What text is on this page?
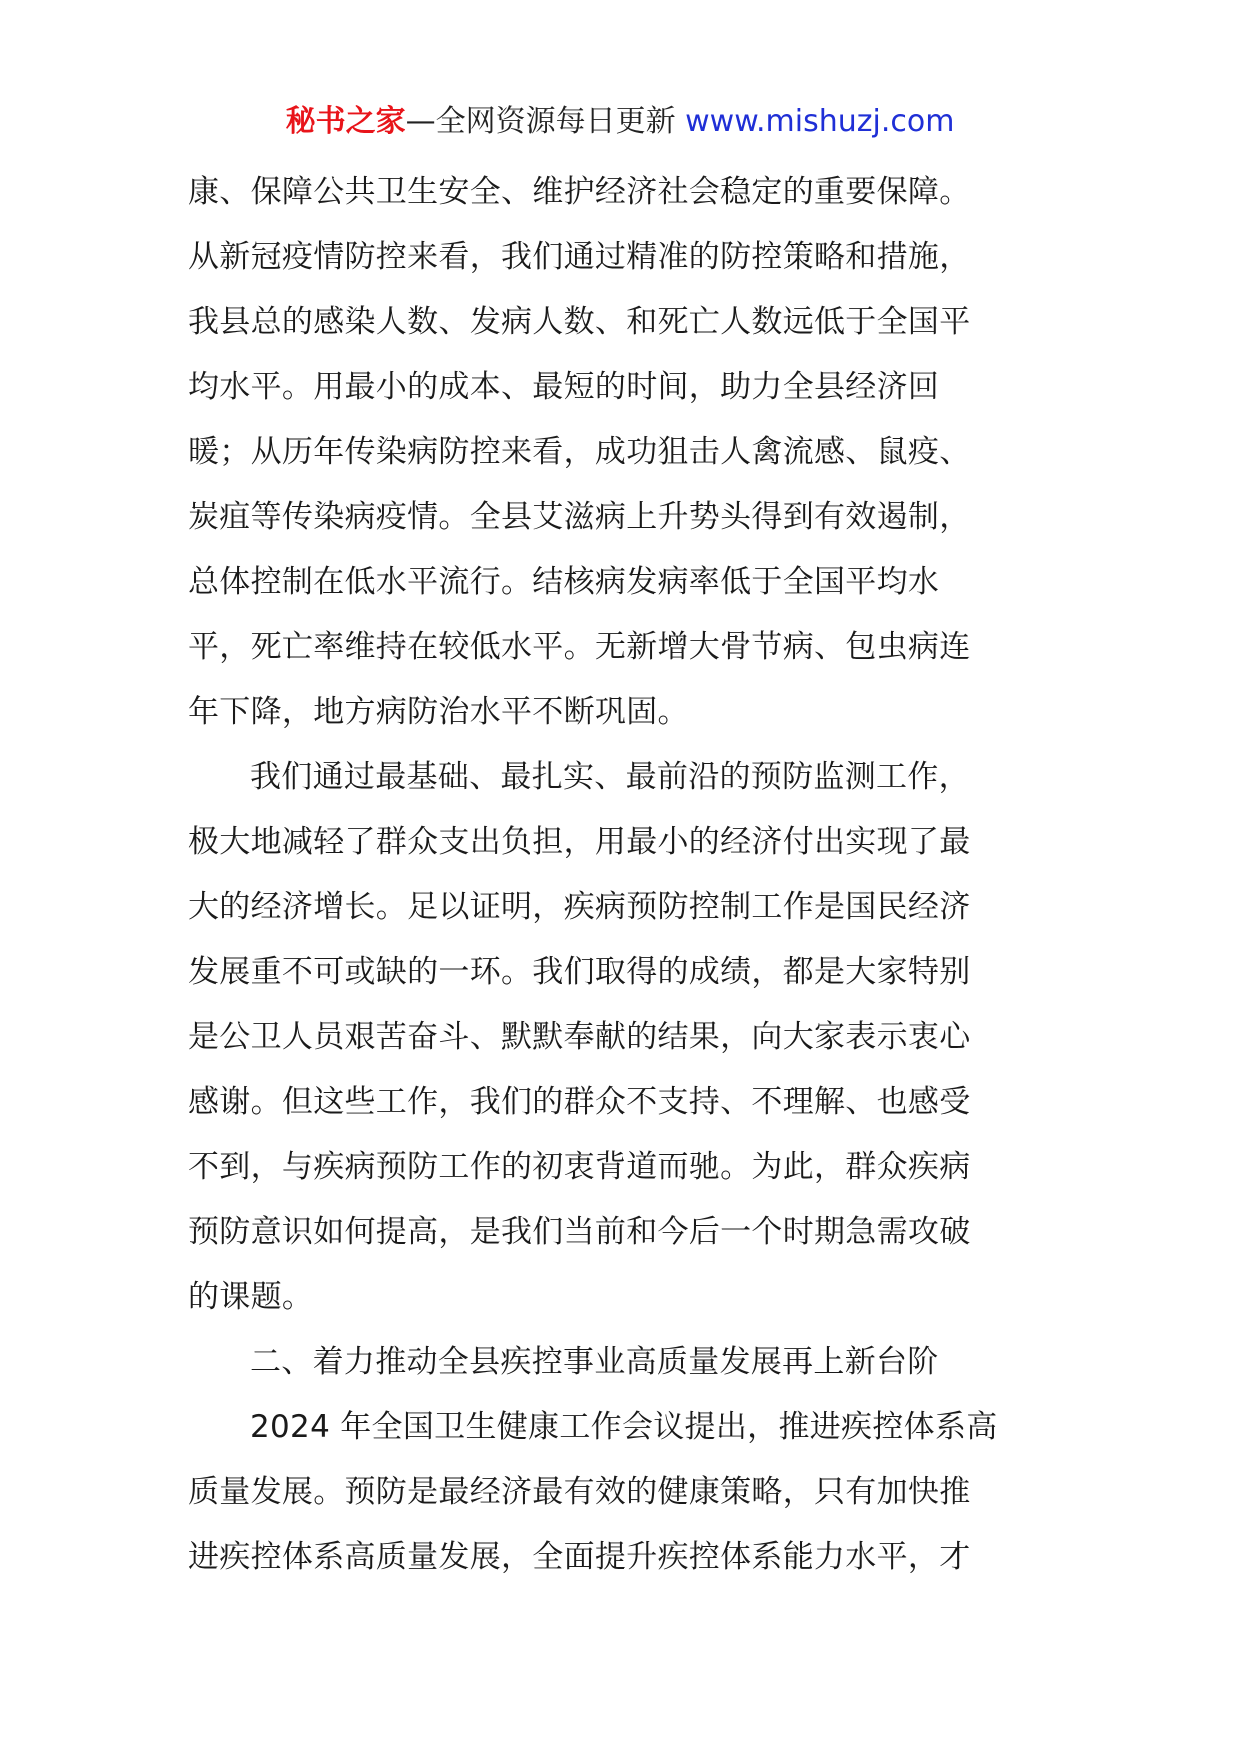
秘书之家—全网资源每日更新 www.mishuzj.com
康、保障公共卫生安全、维护经济社会稳定的重要保障。
从新冠疫情防控来看，我们通过精准的防控策略和措施，
我县总的感染人数、发病人数、和死亡人数远低于全国平
均水平。用最小的成本、最短的时间，助力全县经济回
暖；从历年传染病防控来看，成功狙击人禽流感、鼠疫、
炭疽等传染病疫情。全县艾滋病上升势头得到有效遏制，
总体控制在低水平流行。结核病发病率低于全国平均水
平，死亡率维持在较低水平。无新增大骨节病、包虫病连
年下降，地方病防治水平不断巩固。
我们通过最基础、最扎实、最前沿的预防监测工作，
极大地减轻了群众支出负担，用最小的经济付出实现了最
大的经济增长。足以证明，疾病预防控制工作是国民经济
发展重不可或缺的一环。我们取得的成绩，都是大家特别
是公卫人员艰苦奋斗、默默奉献的结果，向大家表示衷心
感谢。但这些工作，我们的群众不支持、不理解、也感受
不到，与疾病预防工作的初衷背道而驰。为此，群众疾病
预防意识如何提高，是我们当前和今后一个时期急需攻破
的课题。
二、着力推动全县疾控事业高质量发展再上新台阶
2024 年全国卫生健康工作会议提出，推进疾控体系高
质量发展。预防是最经济最有效的健康策略，只有加快推
进疾控体系高质量发展，全面提升疾控体系能力水平，才
